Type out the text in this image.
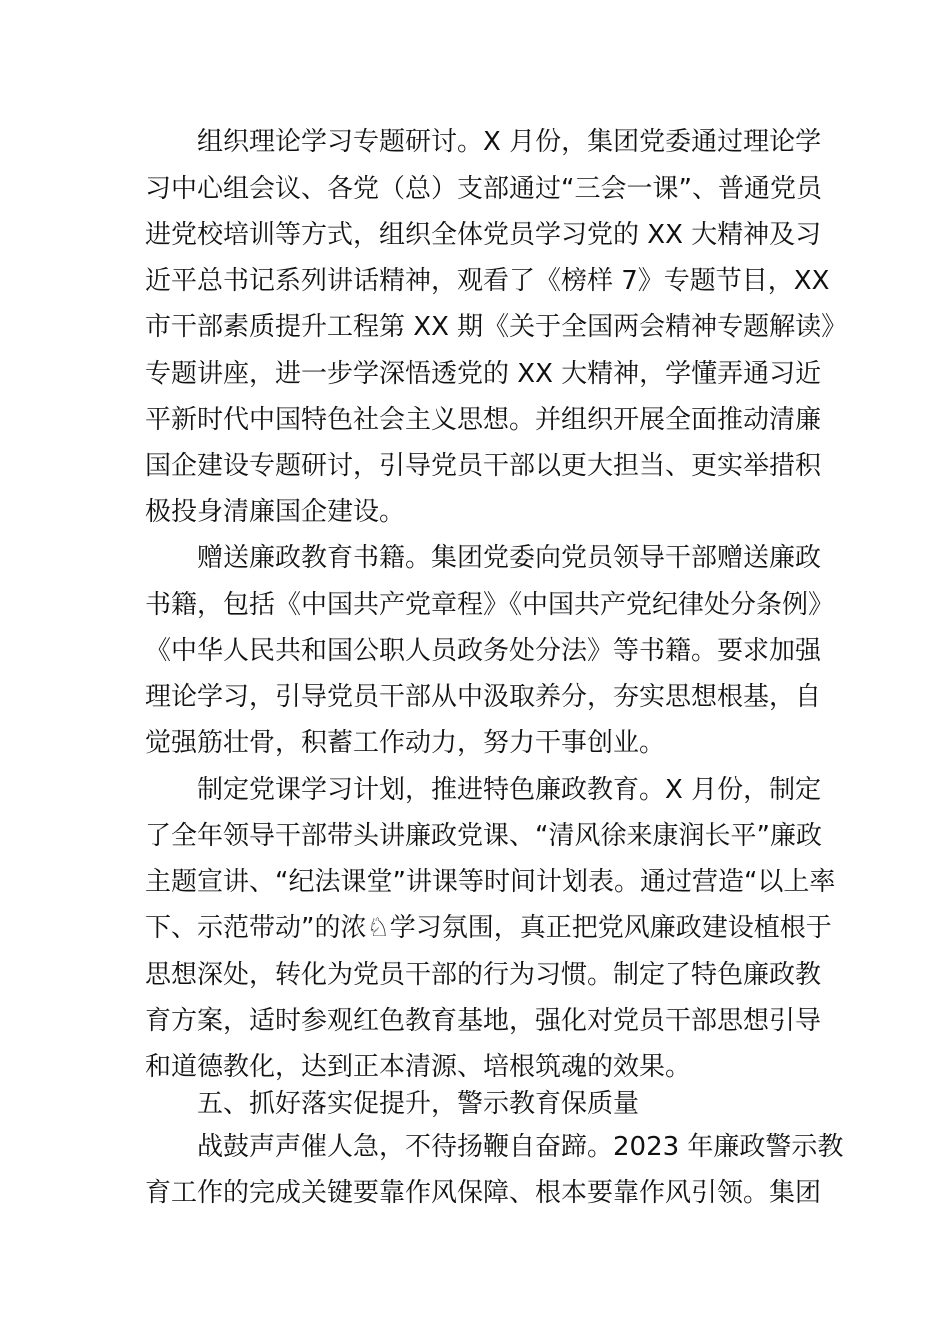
组织理论学习专题研讨。X 月份，集团党委通过理论学
习中心组会议、各党（总）支部通过“三会一课”、普通党员
进党校培训等方式，组织全体党员学习党的 XX 大精神及习
近平总书记系列讲话精神，观看了《榜样 7》专题节目，XX
市干部素质提升工程第 XX 期《关于全国两会精神专题解读》
专题讲座，进一步学深悟透党的 XX 大精神，学懂弄通习近
平新时代中国特色社会主义思想。并组织开展全面推动清廉
国企建设专题研讨，引导党员干部以更大担当、更实举措积
极投身清廉国企建设。
赠送廉政教育书籍。集团党委向党员领导干部赠送廉政
书籍，包括《中国共产党章程》《中国共产党纪律处分条例》
《中华人民共和国公职人员政务处分法》等书籍。要求加强
理论学习，引导党员干部从中汲取养分，夯实思想根基，自
觉强筋壮骨，积蓄工作动力，努力干事创业。
制定党课学习计划，推进特色廉政教育。X 月份，制定
了全年领导干部带头讲廉政党课、“清风徐来康润长平”廉政
主题宣讲、“纪法课堂”讲课等时间计划表。通过营造“以上率
下、示范带动”的浓♘学习氛围，真正把党风廉政建设植根于
思想深处，转化为党员干部的行为习惯。制定了特色廉政教
育方案，适时参观红色教育基地，强化对党员干部思想引导
和道德教化，达到正本清源、培根筑魂的效果。
五、抓好落实促提升，警示教育保质量
战鼓声声催人急，不待扬鞭自奋蹄。2023 年廉政警示教
育工作的完成关键要靠作风保障、根本要靠作风引领。集团
